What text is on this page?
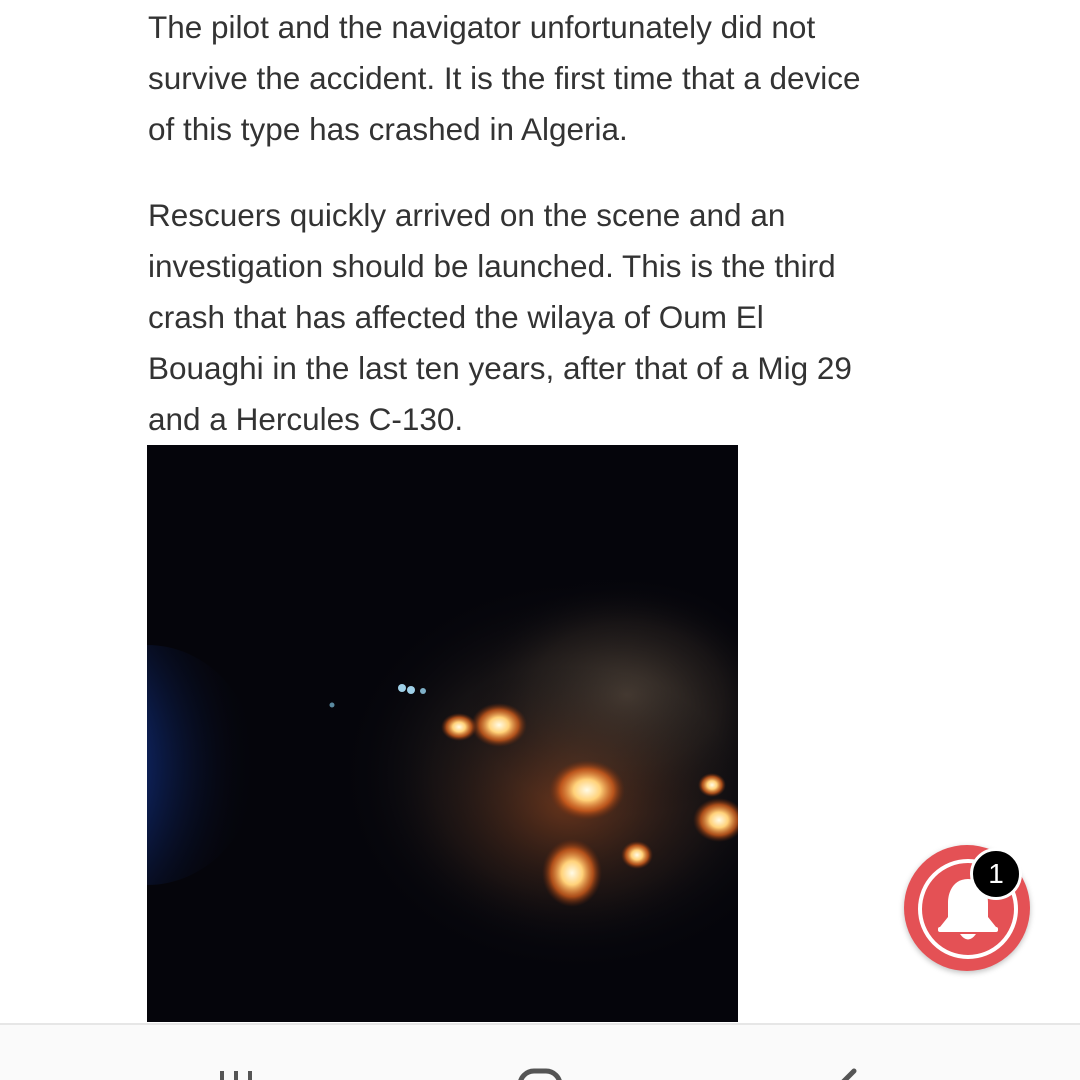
The pilot and the navigator unfortunately did not
survive the accident. It is the first time that a device
of this type has crashed in Algeria.

Rescuers quickly arrived on the scene and an
investigation should be launched. This is the third
crash that has affected the wilaya of Oum El
Bouaghi in the last ten years, after that of a Mig 29
and a Hercules C-130.

1
